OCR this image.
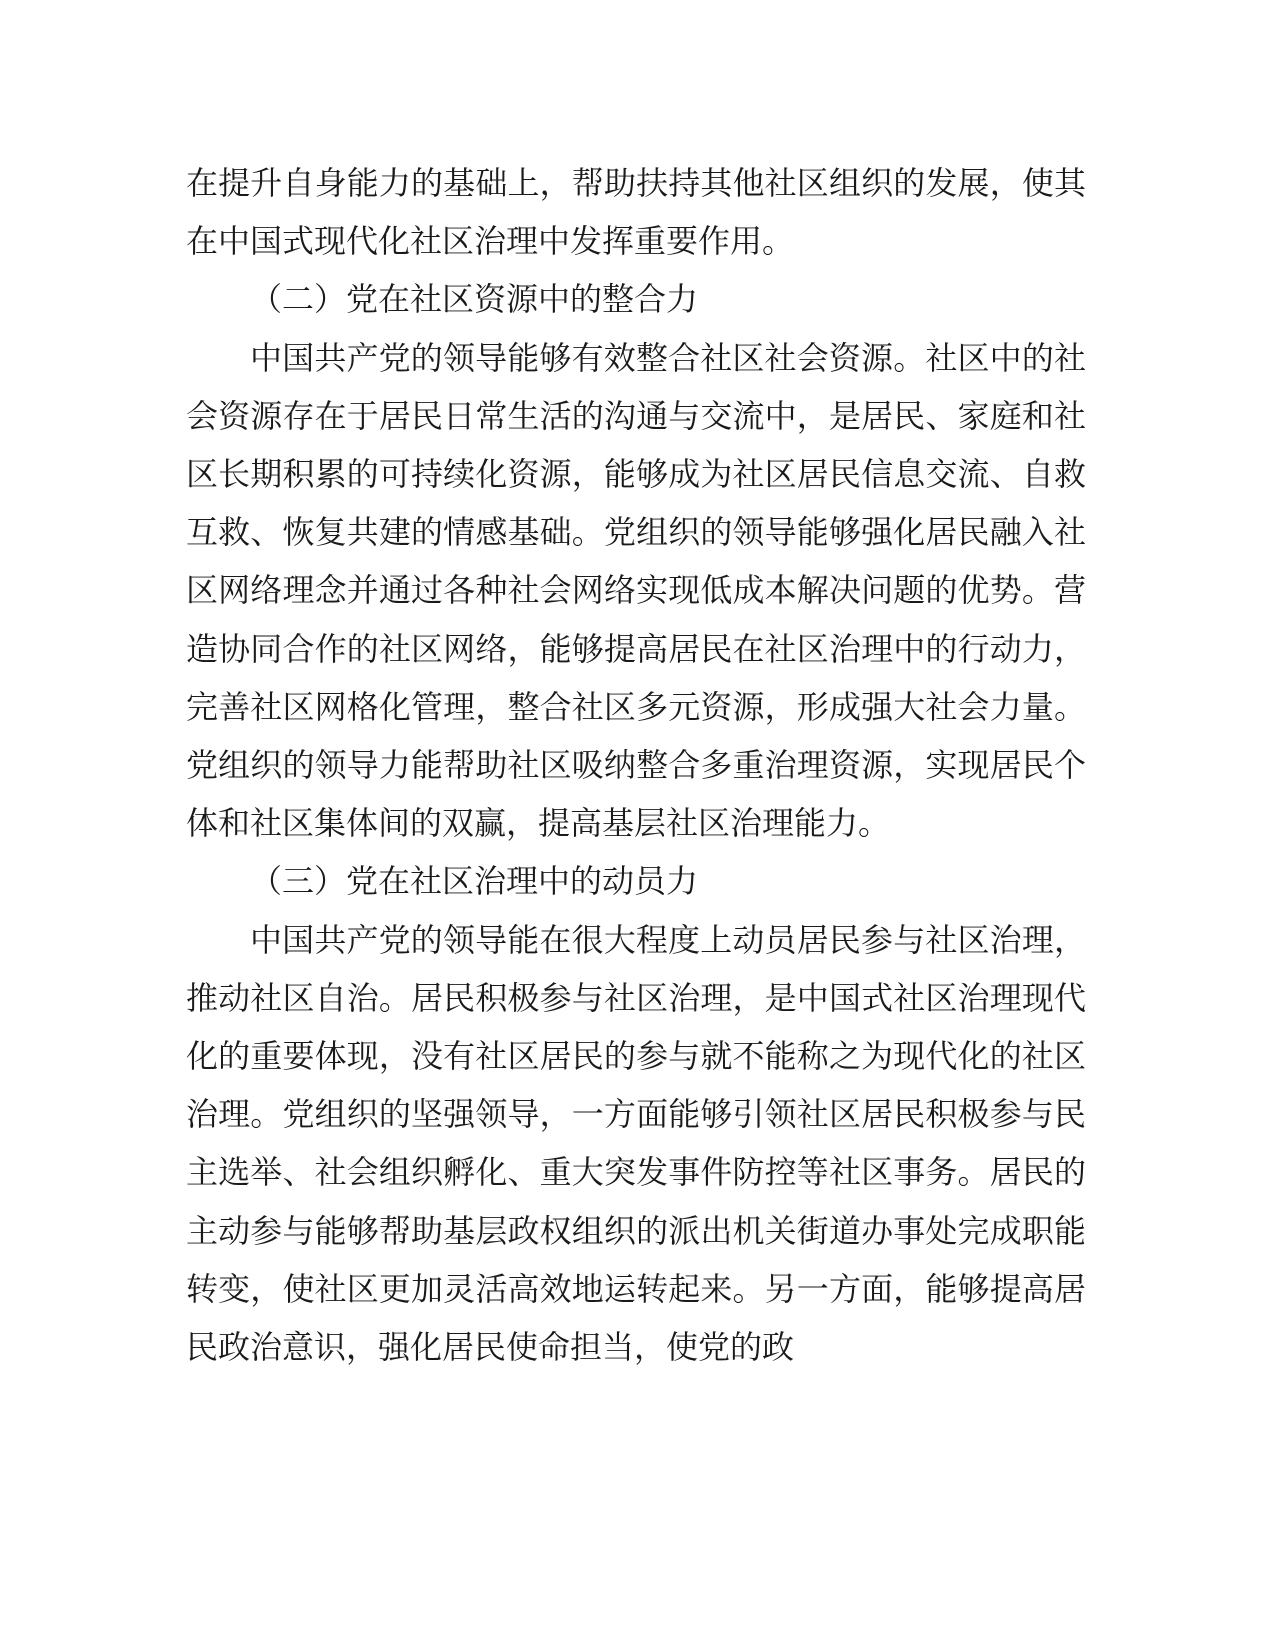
在提升自身能力的基础上，帮助扶持其他社区组织的发展，使其在中国式现代化社区治理中发挥重要作用。

（二）党在社区资源中的整合力

中国共产党的领导能够有效整合社区社会资源。社区中的社会资源存在于居民日常生活的沟通与交流中，是居民、家庭和社区长期积累的可持续化资源，能够成为社区居民信息交流、自救互救、恢复共建的情感基础。党组织的领导能够强化居民融入社区网络理念并通过各种社会网络实现低成本解决问题的优势。营造协同合作的社区网络，能够提高居民在社区治理中的行动力，完善社区网格化管理，整合社区多元资源，形成强大社会力量。党组织的领导力能帮助社区吸纳整合多重治理资源，实现居民个体和社区集体间的双赢，提高基层社区治理能力。

（三）党在社区治理中的动员力

中国共产党的领导能在很大程度上动员居民参与社区治理，推动社区自治。居民积极参与社区治理，是中国式社区治理现代化的重要体现，没有社区居民的参与就不能称之为现代化的社区治理。党组织的坚强领导，一方面能够引领社区居民积极参与民主选举、社会组织孵化、重大突发事件防控等社区事务。居民的主动参与能够帮助基层政权组织的派出机关街道办事处完成职能转变，使社区更加灵活高效地运转起来。另一方面，能够提高居民政治意识，强化居民使命担当，使党的政
